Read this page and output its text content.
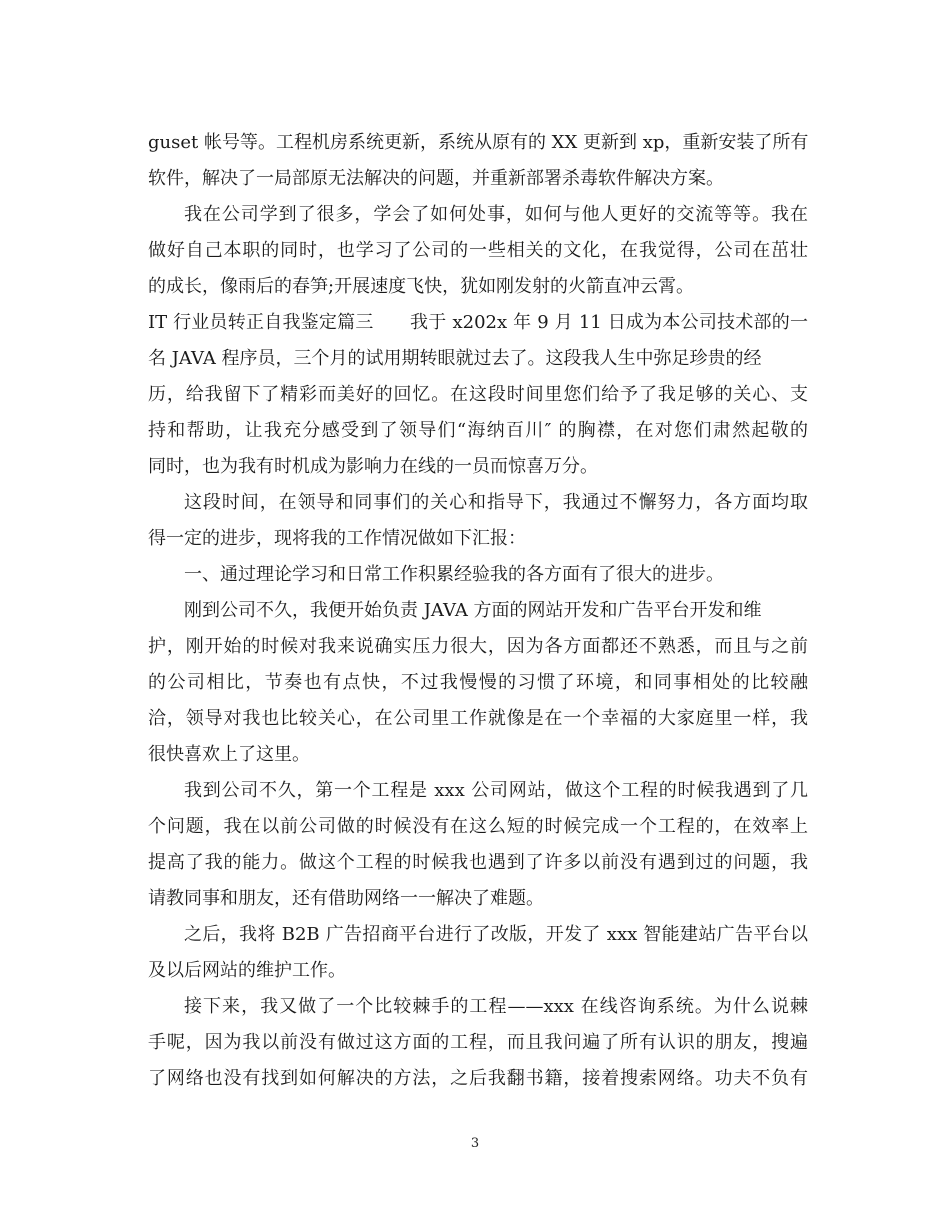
guset 帐号等。工程机房系统更新，系统从原有的 XX 更新到 xp，重新安装了所有
软件，解决了一局部原无法解决的问题，并重新部署杀毒软件解决方案。
我在公司学到了很多，学会了如何处事，如何与他人更好的交流等等。我在
做好自己本职的同时，也学习了公司的一些相关的文化，在我觉得，公司在茁壮
的成长，像雨后的春笋;开展速度飞快，犹如刚发射的火箭直冲云霄。
IT 行业员转正自我鉴定篇三　　我于 x202x 年 9 月 11 日成为本公司技术部的一
名 JAVA 程序员，三个月的试用期转眼就过去了。这段我人生中弥足珍贵的经
历，给我留下了精彩而美好的回忆。在这段时间里您们给予了我足够的关心、支
持和帮助，让我充分感受到了领导们“海纳百川″ 的胸襟，在对您们肃然起敬的
同时，也为我有时机成为影响力在线的一员而惊喜万分。
这段时间，在领导和同事们的关心和指导下，我通过不懈努力，各方面均取
得一定的进步，现将我的工作情况做如下汇报：
一、通过理论学习和日常工作积累经验我的各方面有了很大的进步。
刚到公司不久，我便开始负责 JAVA 方面的网站开发和广告平台开发和维
护，刚开始的时候对我来说确实压力很大，因为各方面都还不熟悉，而且与之前
的公司相比，节奏也有点快，不过我慢慢的习惯了环境，和同事相处的比较融
洽，领导对我也比较关心，在公司里工作就像是在一个幸福的大家庭里一样，我
很快喜欢上了这里。
我到公司不久，第一个工程是 xxx 公司网站，做这个工程的时候我遇到了几
个问题，我在以前公司做的时候没有在这么短的时候完成一个工程的，在效率上
提高了我的能力。做这个工程的时候我也遇到了许多以前没有遇到过的问题，我
请教同事和朋友，还有借助网络一一解决了难题。
之后，我将 B2B 广告招商平台进行了改版，开发了 xxx 智能建站广告平台以
及以后网站的维护工作。
接下来，我又做了一个比较棘手的工程——xxx 在线咨询系统。为什么说棘
手呢，因为我以前没有做过这方面的工程，而且我问遍了所有认识的朋友，搜遍
了网络也没有找到如何解决的方法，之后我翻书籍，接着搜索网络。功夫不负有
3
